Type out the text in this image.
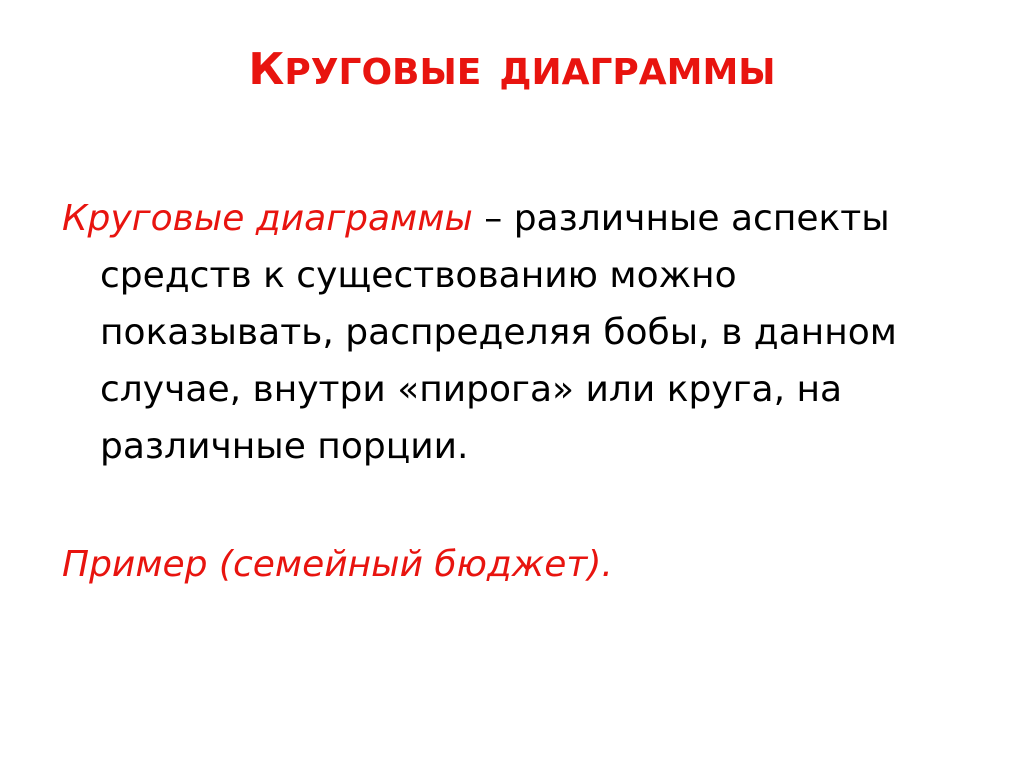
КРУГОВЫЕ ДИАГРАММЫ

Круговые диаграммы – различные аспекты средств к существованию можно показывать, распределяя бобы, в данном случае, внутри «пирога» или круга, на различные порции.

Пример (семейный бюджет).
